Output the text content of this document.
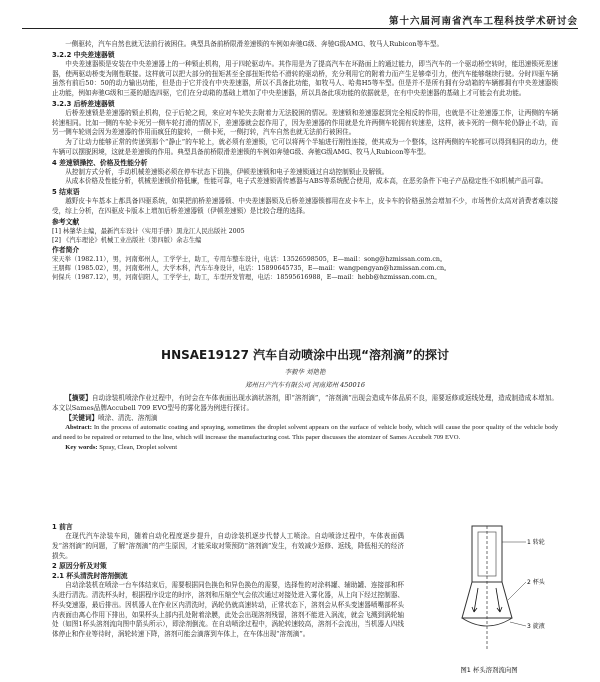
第十六届河南省汽车工程科技学术研讨会

一侧驱转，汽车自然也就无法前行被困住。典型具备前桥限滑差速锁的车例如奔驰G级、奔驰G级AMG、牧马人Rubicon等车型。

3.2.2 中央差速器锁

中央差速器锁是安装在中央差速器上的一种锁止机构，用于四轮驱动车。其作用是为了提高汽车在坏路面上的通过能力，即当汽车的一个驱动桥空转时，能迅速锁死差速器，使两驱动桥变为刚性联接。这样就可以把大部分的扭矩甚至全部扭矩传给不滑转的驱动桥，充分利用它的附着力而产生足够牵引力，使汽车能够继续行驶。分时四驱车辆虽然有前后50：50的动力输出功能，但是由于它并没有中央差速器，所以不具备此功能，如牧马人、哈弗H5等车型。但是并不是所有拥有分动箱的车辆都拥有中央差速器锁止功能，例如奔驰G级和三菱的超选四驱，它们在分动箱的基础上增加了中央差速器，所以具备此项功能的依据就是，在有中央差速器的基础上才可能会有此功能。

3.2.3 后桥差速器锁

后桥差速锁是差速器的锁止机构，位于后轮之间，来应对车轮失去附着力无法脱困的情况。差速锁和差速器起到完全相反的作用，也就是不让差速器工作，让两侧的车辆转速相同。比如一侧的车轮卡死另一侧车轮打滑的情况下，差速器就会起作用了，因为差速器的作用就是允许两侧车轮拥有转速差，这样，被卡死的一侧车轮仍静止不动，而另一侧车轮则会因为差速器的作用而疯狂的旋转，一侧卡死，一侧打转，汽车自然也就无法前行被困住。

为了让动力能够正常的传递到那个“静止”的车轮上，就必须有差速锁，它可以将两个半轴进行刚性连接，使其成为一个整体，这样两侧的车轮都可以得到相同的动力，使车辆可以摆脱困境，这就是差速锁的作用。典型具备前桥限滑差速锁的车例如奔驰G级、奔驰G级AMG、牧马人Rubicon等车型。

4 差速锁操控、价格及性能分析

从控制方式分析，手动机械差速锁必须在停车状态下切换，伊顿差速锁和电子差速锁通过自动控制锁止及解锁。

从成本价格及性能分析，机械差速锁价格低廉，性能可靠，电子式差速锁需传感器与ABS等系统配合使用，成本高，在恶劣条件下电子产品稳定性不如机械产品可靠。

5 结束语

越野皮卡车基本上都具备四驱系统，如果把前桥差速器锁、中央差速器锁及后桥差速器锁都用在皮卡车上，皮卡车的价格虽然会增加不少，市场售价太高对消费者难以接受，综上分析，在四驱皮卡版本上增加后桥差速器锁（伊顿差速锁）是比较合理的选择。

参考文献

[1] 林肇华主编，最新汽车设计（实用手册）黑龙江人民出版社 2005

[2] 《汽车理论》机械工业出版社（第四版）余志生编

作者简介

宋天举（1982.11），男，河南郑州人，工学学士，助工，专用车整车设计，电话：13526598505，E—mail：song@hzmissan.com.cn。

王朋辉（1985.02），男，河南郑州人，大学本科，汽车车身设计，电话：15890645735，E—mail：wangpengyan@hzmissan.com.cn。

何保兵（1987.12），男，河南信阳人，工学学士，助工，车型开发管理，电话：18595616988，E—mail：hebb@hzmissan.com.cn。

HNSAE19127 汽车自动喷涂中出现“溶剂滴”的探讨
李毅华 刘艳艳
郑州日产汽车有限公司 河南郑州 450016

【摘要】自动涂装机喷涂作业过程中，有时会在车体表面出现水滴状溶剂，即“溶剂滴”，“溶剂滴”出现会造成车体品质不良，需要返修或返线处理，造成制造成本增加。本文以Sames品牌Accubell 709 EVO型号的雾化器为例进行探讨。

【关键词】喷涂、清洗、溶剂滴

Abstract: In the process of automatic coating and spraying, sometimes the droplet solvent appears on the surface of vehicle body, which will cause the poor quality of the vehicle body and need to be repaired or returned to the line, which will increase the manufacturing cost. This paper discusses the atomizer of Sames Accubelt 709 EVO.

Key words: Spray, Clean, Droplet solvent

1 前言

在现代汽车涂装车间，随着自动化程度逐步提升，自动涂装机逐步代替人工喷涂。自动喷涂过程中，车体表面偶发“溶剂滴”的问题，了解“溶剂滴”的产生原因，才能采取对策预防“溶剂滴”发生，有效减少返修、返线，降低相关的经济损失。

2 原因分析及对策

2.1 杯头清洗时溶剂倒流

自动涂装机在喷涂一台车体结束后，需要根据同色换色和异色换色的需要，选择性的对涂料罐、辅助罐、连接部和杯头进行清洗。清洗杯头时，根据程序设定的时序，溶剂和压缩空气会依次通过对接处进入雾化器，从上向下经过控制器、杯头变速器，最后排出。因机器人在作业区内清洗时，涡轮仍就高速转动，正常状态下，溶剂会从杯头变速器喷嘴部杯头内表面由离心作用下排出，如果杯头上部内孔处附着涂膜，此处会出现溶剂残留，溶剂不能进入涡流，就会飞溅到涡轮轴处（如图1杯头溶剂流向图中箭头所示），即涂剂倒流。在自动喷涂过程中，涡轮转速较高，溶剂不会流出，当机器人四线体停止和作业等待时，涡轮转速下降，溶剂可能会滴落到车体上，在车体出现“溶剂滴”。

1 转轮
2 杯头
3 旋液
图1 杯头溶剂流向图
